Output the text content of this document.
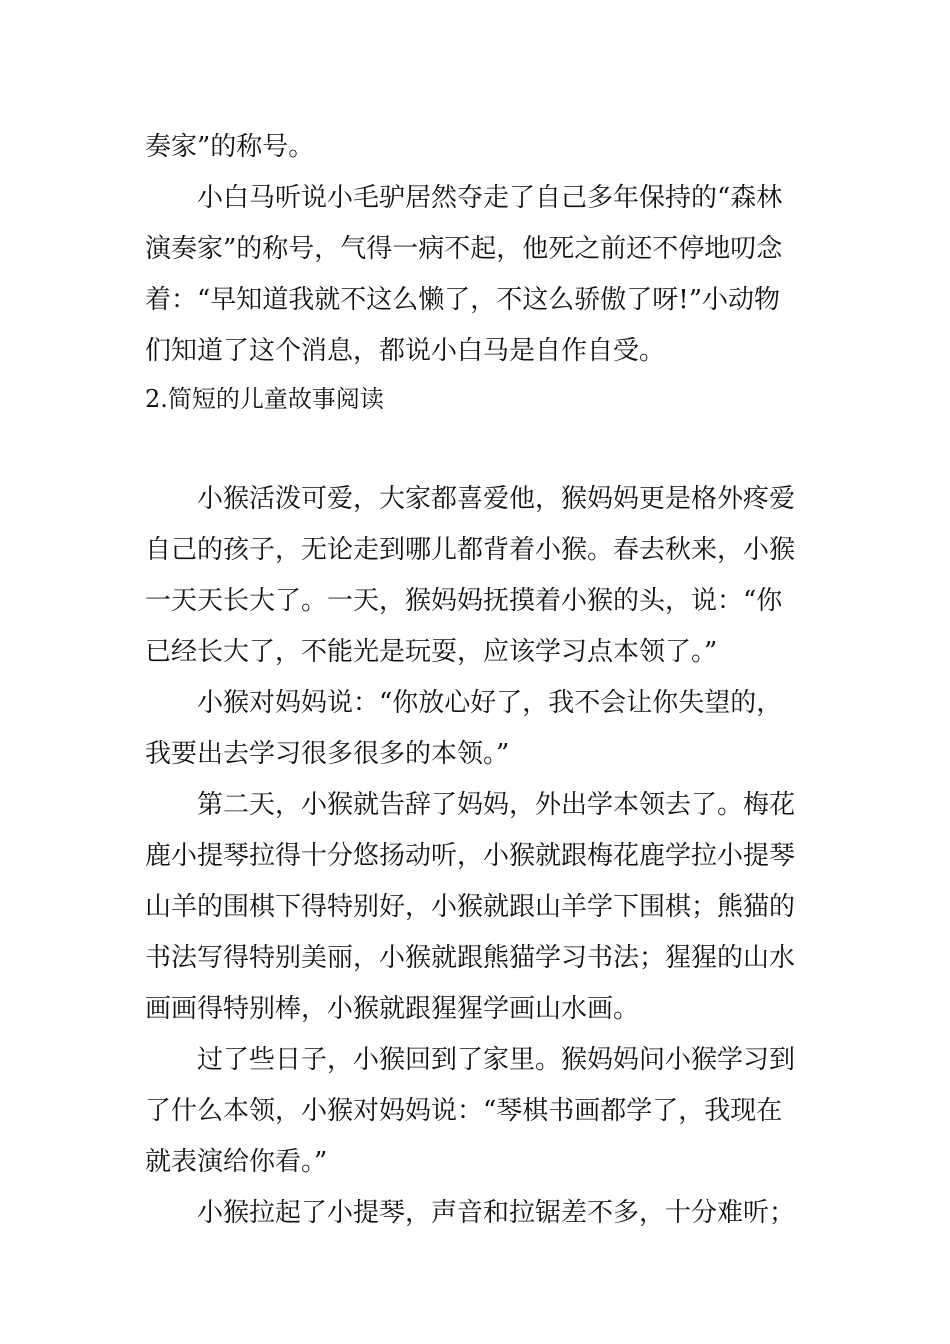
奏家”的称号。
小白马听说小毛驴居然夺走了自己多年保持的“森林
演奏家”的称号，气得一病不起，他死之前还不停地叨念
着：“早知道我就不这么懒了，不这么骄傲了呀!”小动物
们知道了这个消息，都说小白马是自作自受。
2.简短的儿童故事阅读
小猴活泼可爱，大家都喜爱他，猴妈妈更是格外疼爱
自己的孩子，无论走到哪儿都背着小猴。春去秋来，小猴
一天天长大了。一天，猴妈妈抚摸着小猴的头，说：“你
已经长大了，不能光是玩耍，应该学习点本领了。”
小猴对妈妈说：“你放心好了，我不会让你失望的，
我要出去学习很多很多的本领。”
第二天，小猴就告辞了妈妈，外出学本领去了。梅花
鹿小提琴拉得十分悠扬动听，小猴就跟梅花鹿学拉小提琴
山羊的围棋下得特别好，小猴就跟山羊学下围棋；熊猫的
书法写得特别美丽，小猴就跟熊猫学习书法；猩猩的山水
画画得特别棒，小猴就跟猩猩学画山水画。
过了些日子，小猴回到了家里。猴妈妈问小猴学习到
了什么本领，小猴对妈妈说：“琴棋书画都学了，我现在
就表演给你看。”
小猴拉起了小提琴，声音和拉锯差不多，十分难听；
